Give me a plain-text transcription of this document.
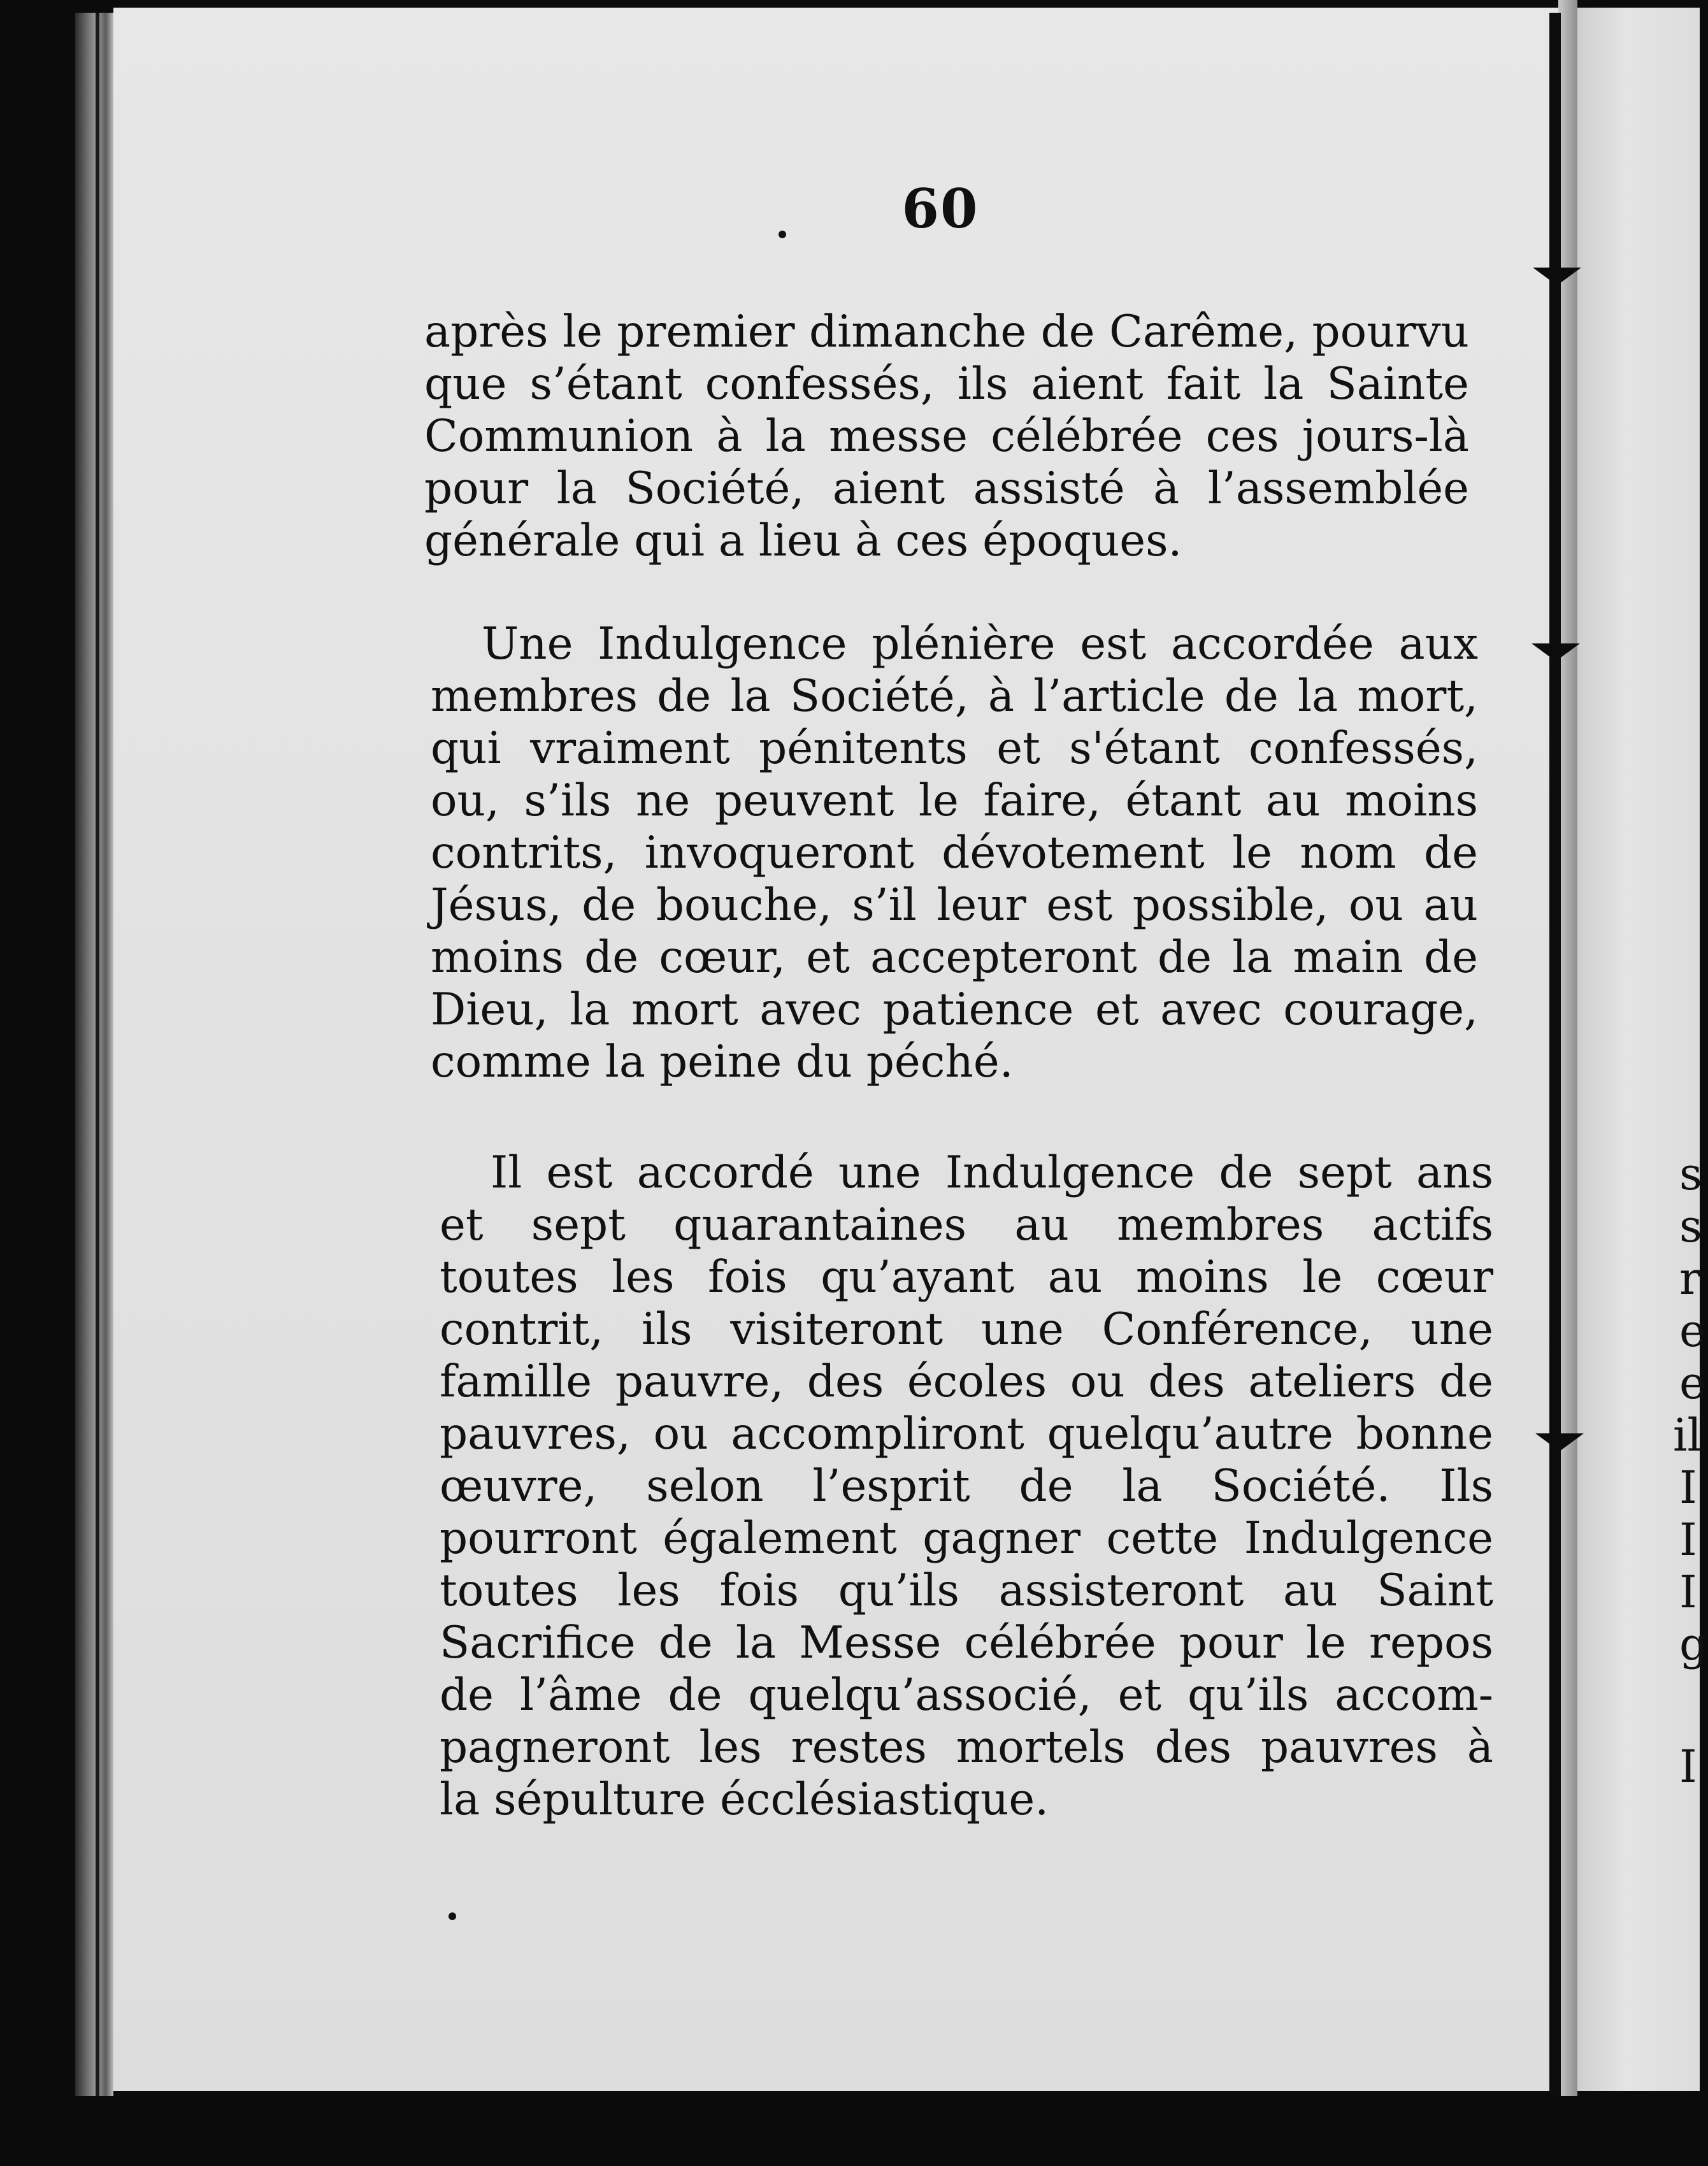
s
s
r
e
e
il
I
I
I
g
I
60
après le premier dimanche de Carême, pourvu
que s’étant confessés, ils aient fait la Sainte
Communion à la messe célébrée ces jours-là
pour la Société, aient assisté à l’assemblée
générale qui a lieu à ces époques.
Une Indulgence plénière est accordée aux
membres de la Société, à l’article de la mort,
qui vraiment pénitents et s'étant confessés,
ou, s’ils ne peuvent le faire, étant au moins
contrits, invoqueront dévotement le nom de
Jésus, de bouche, s’il leur est possible, ou au
moins de cœur, et accepteront de la main de
Dieu, la mort avec patience et avec courage,
comme la peine du péché.
Il est accordé une Indulgence de sept ans
et sept quarantaines au membres actifs
toutes les fois qu’ayant au moins le cœur
contrit, ils visiteront une Conférence, une
famille pauvre, des écoles ou des ateliers de
pauvres, ou accompliront quelqu’autre bonne
œuvre, selon l’esprit de la Société. Ils
pourront également gagner cette Indulgence
toutes les fois qu’ils assisteront au Saint
Sacrifice de la Messe célébrée pour le repos
de l’âme de quelqu’associé, et qu’ils accom-
pagneront les restes mortels des pauvres à
la sépulture écclésiastique.
